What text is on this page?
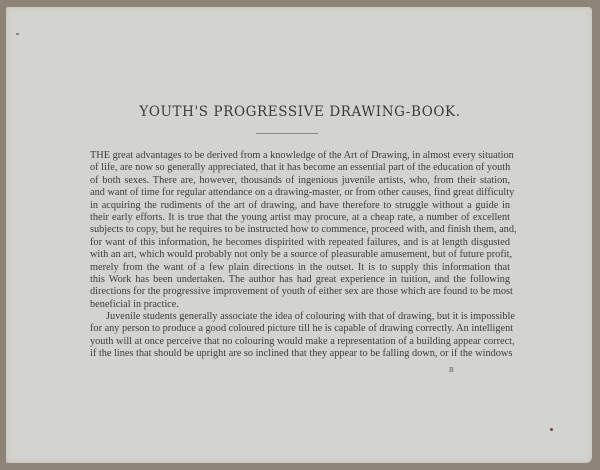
YOUTH'S PROGRESSIVE DRAWING-BOOK.

THE great advantages to be derived from a knowledge of the Art of Drawing, in almost every situation
of life, are now so generally appreciated, that it has become an essential part of the education of youth
of both sexes. There are, however, thousands of ingenious juvenile artists, who, from their station,
and want of time for regular attendance on a drawing-master, or from other causes, find great difficulty
in acquiring the rudiments of the art of drawing, and have therefore to struggle without a guide in
their early efforts. It is true that the young artist may procure, at a cheap rate, a number of excellent
subjects to copy, but he requires to be instructed how to commence, proceed with, and finish them, and,
for want of this information, he becomes dispirited with repeated failures, and is at length disgusted
with an art, which would probably not only be a source of pleasurable amusement, but of future profit,
merely from the want of a few plain directions in the outset. It is to supply this information that
this Work has been undertaken. The author has had great experience in tuition, and the following
directions for the progressive improvement of youth of either sex are those which are found to be most
beneficial in practice.

Juvenile students generally associate the idea of colouring with that of drawing, but it is impossible
for any person to produce a good coloured picture till he is capable of drawing correctly. An intelligent
youth will at once perceive that no colouring would make a representation of a building appear correct,
if the lines that should be upright are so inclined that they appear to be falling down, or if the windows

B
